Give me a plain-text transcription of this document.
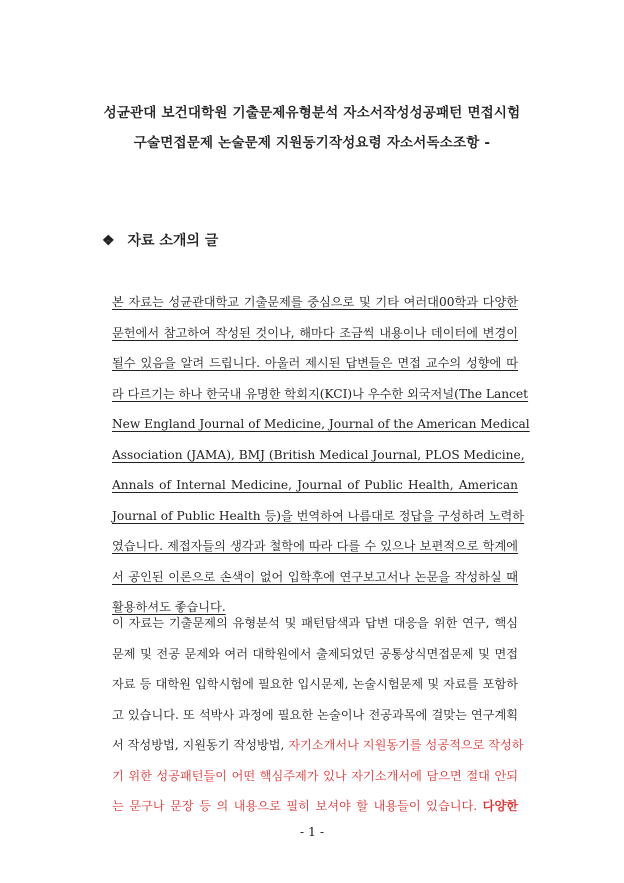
성균관대 보건대학원 기출문제유형분석 자소서작성성공패턴 면접시험
구술면접문제 논술문제 지원동기작성요령 자소서독소조항 -
❖ 자료 소개의 글
본 자료는 성균관대학교 기출문제를 중심으로 및 기타 여러대00학과 다양한
문헌에서 참고하여 작성된 것이나, 해마다 조금씩 내용이나 데이터에 변경이
될수 있음을 알려 드립니다. 아울러 제시된 답변들은 면접 교수의 성향에 따
라 다르기는 하나 한국내 유명한 학회지(KCI)나 우수한 외국저널(The Lancet
New England Journal of Medicine, Journal of the American Medical
Association (JAMA), BMJ (British Medical Journal, PLOS Medicine,
Annals of Internal Medicine, Journal of Public Health, American
Journal of Public Health 등)을 번역하여 나름대로 정답을 구성하려 노력하
였습니다. 제접자들의 생각과 철학에 따라 다를 수 있으나 보편적으로 학계에
서 공인된 이론으로 손색이 없어 입학후에 연구보고서나 논문을 작성하실 때
활용하셔도 좋습니다.
이 자료는 기출문제의 유형분석 및 패턴탐색과 답변 대응을 위한 연구, 핵심
문제 및 전공 문제와 여러 대학원에서 출제되었던 공통상식면접문제 및 면접
자료 등 대학원 입학시험에 필요한 입시문제, 논술시험문제 및 자료를 포함하
고 있습니다. 또 석박사 과정에 필요한 논술이나 전공과목에 걸맞는 연구계획
서 작성방법, 지원동기 작성방법, 자기소개서나 지원동기를 성공적으로 작성하
기 위한 성공패턴들이 어떤 핵심주제가 있나 자기소개서에 담으면 절대 안되
는 문구나 문장 등 의 내용으로 필히 보셔야 할 내용들이 있습니다. 다양한
- 1 -
